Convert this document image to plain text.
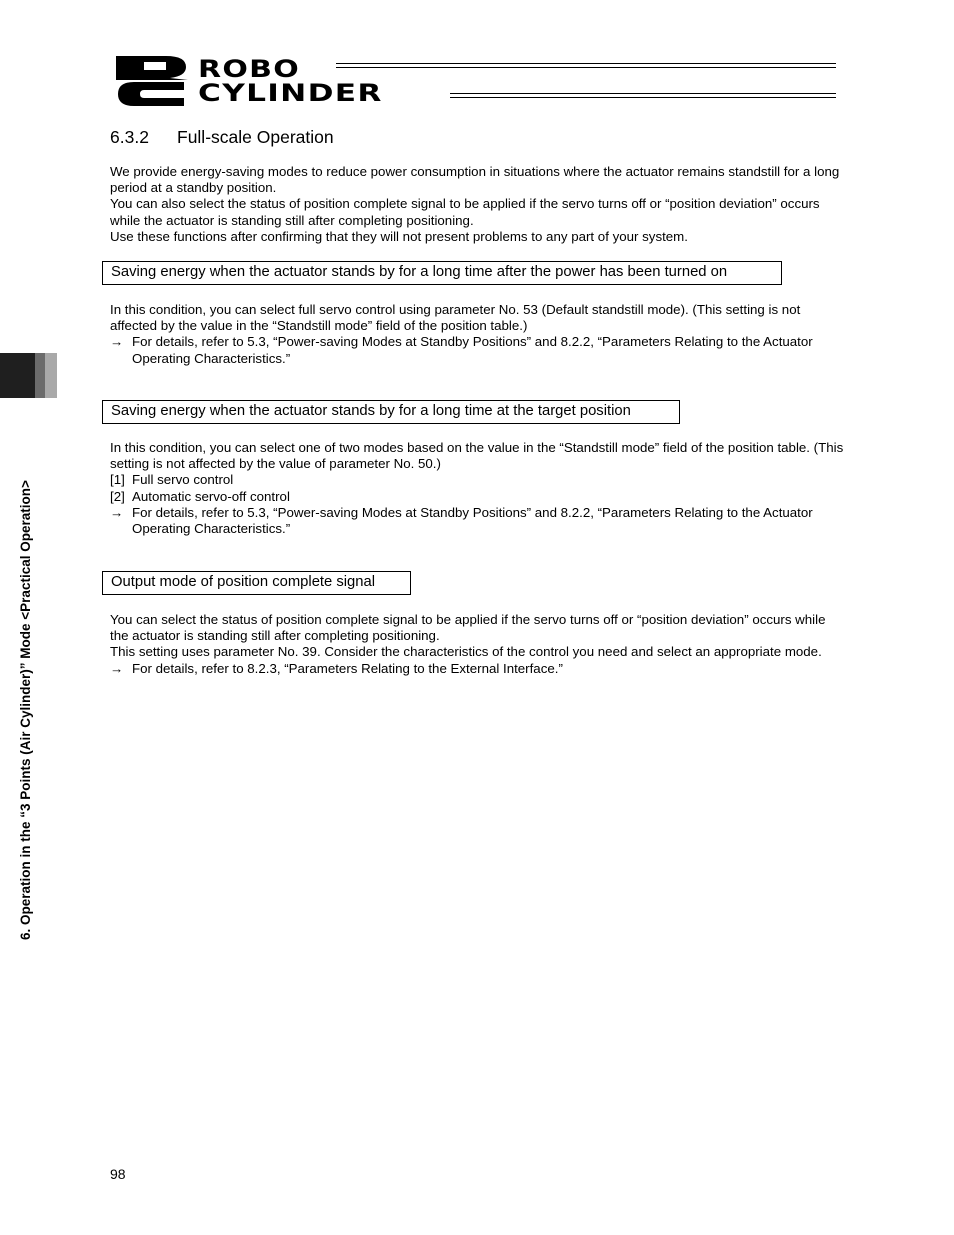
ROBO
CYLINDER
6. Operation in the “3 Points (Air Cylinder)” Mode <Practical Operation>
6.3.2 Full-scale Operation

We provide energy-saving modes to reduce power consumption in situations where the actuator remains standstill for a long period at a standby position.

You can also select the status of position complete signal to be applied if the servo turns off or “position deviation” occurs while the actuator is standing still after completing positioning.

Use these functions after confirming that they will not present problems to any part of your system.

Saving energy when the actuator stands by for a long time after the power has been turned on

In this condition, you can select full servo control using parameter No. 53 (Default standstill mode). (This setting is not affected by the value in the “Standstill mode” field of the position table.)

→ For details, refer to 5.3, “Power-saving Modes at Standby Positions” and 8.2.2, “Parameters Relating to the Actuator Operating Characteristics.”
Saving energy when the actuator stands by for a long time at the target position

In this condition, you can select one of two modes based on the value in the “Standstill mode” field of the position table. (This setting is not affected by the value of parameter No. 50.)

[1] Full servo control
[2] Automatic servo-off control
→ For details, refer to 5.3, “Power-saving Modes at Standby Positions” and 8.2.2, “Parameters Relating to the Actuator Operating Characteristics.”
Output mode of position complete signal

You can select the status of position complete signal to be applied if the servo turns off or “position deviation” occurs while the actuator is standing still after completing positioning.

This setting uses parameter No. 39. Consider the characteristics of the control you need and select an appropriate mode.

→ For details, refer to 8.2.3, “Parameters Relating to the External Interface.”
98
